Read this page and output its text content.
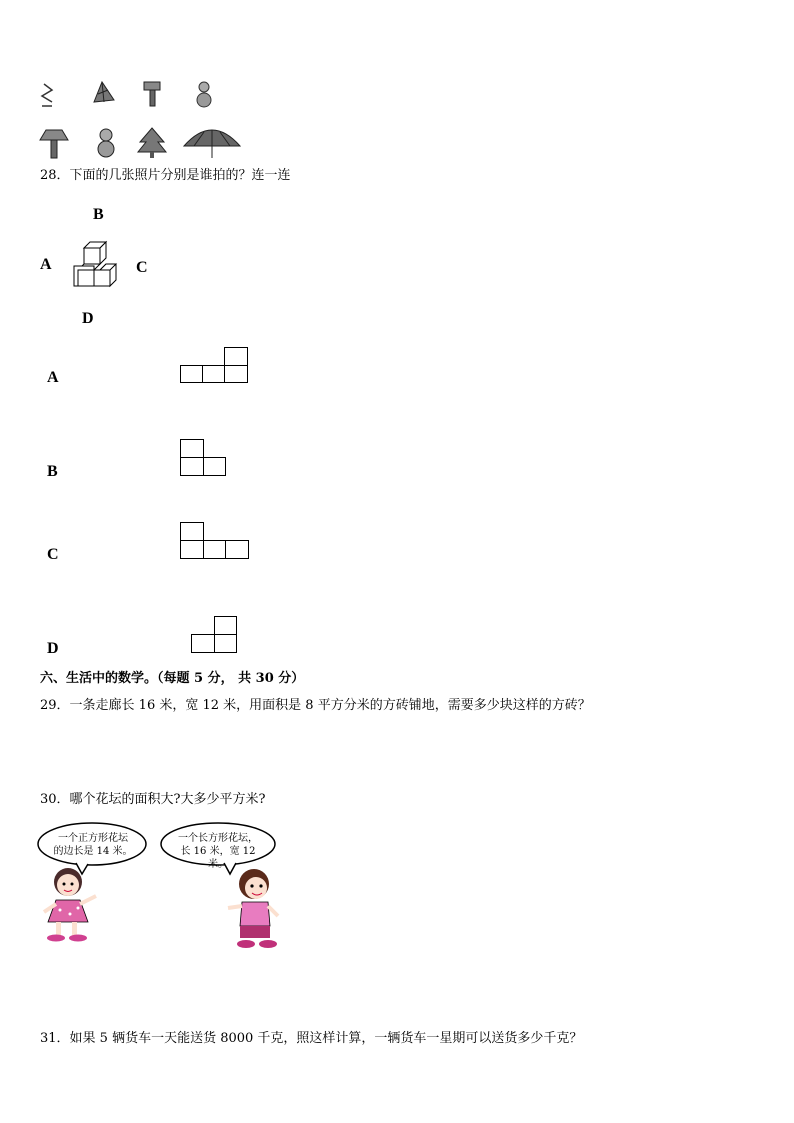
28．下面的几张照片分别是谁拍的？连一连
B
A	C
D
A
B
C
D
六、生活中的数学。（每题 5 分， 共 30 分）
29．一条走廊长 16 米，宽 12 米，用面积是 8 平方分米的方砖铺地，需要多少块这样的方砖？
30．哪个花坛的面积大?大多少平方米?
一个正方形花坛
的边长是 14 米。
一个长方形花坛，
长 16 米，宽 12 米。
31．如果 5 辆货车一天能送货 8000 千克，照这样计算，一辆货车一星期可以送货多少千克？
